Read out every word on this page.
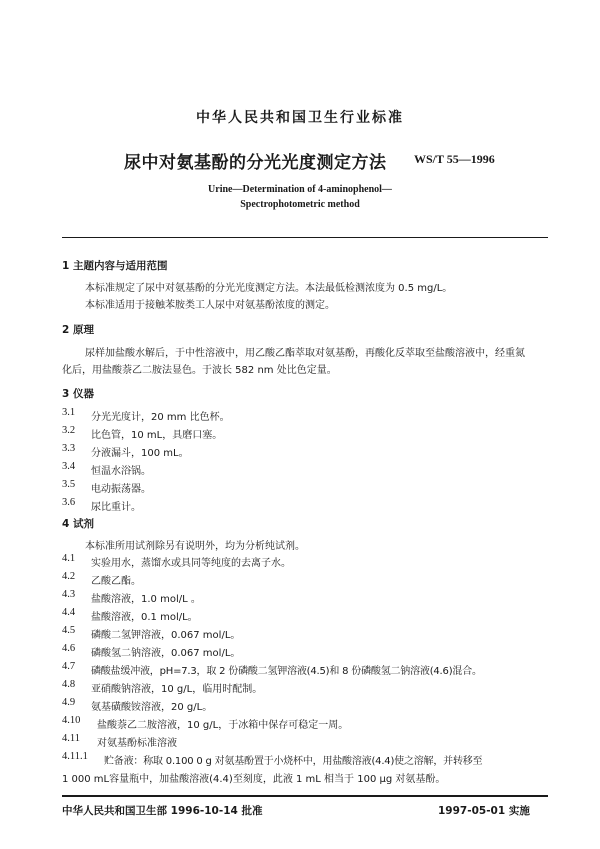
中华人民共和国卫生行业标准
尿中对氨基酚的分光光度测定方法 WS/T 55—1996
Urine—Determination of 4-aminophenol—
Spectrophotometric method
1 主题内容与适用范围
本标准规定了尿中对氨基酚的分光光度测定方法。本法最低检测浓度为 0.5 mg/L。
本标准适用于接触苯胺类工人尿中对氨基酚浓度的测定。
2 原理
尿样加盐酸水解后，于中性溶液中，用乙酸乙酯萃取对氨基酚，再酸化反萃取至盐酸溶液中，经重氮
化后，用盐酸萘乙二胺法显色。于波长 582 nm 处比色定量。
3 仪器
3.1 分光光度计，20 mm 比色杯。
3.2 比色管，10 mL，具磨口塞。
3.3 分液漏斗，100 mL。
3.4 恒温水浴锅。
3.5 电动振荡器。
3.6 尿比重计。
4 试剂
本标准所用试剂除另有说明外，均为分析纯试剂。
4.1 实验用水，蒸馏水或具同等纯度的去离子水。
4.2 乙酸乙酯。
4.3 盐酸溶液，1.0 mol/L 。
4.4 盐酸溶液，0.1 mol/L。
4.5 磷酸二氢钾溶液，0.067 mol/L。
4.6 磷酸氢二钠溶液，0.067 mol/L。
4.7 磷酸盐缓冲液，pH=7.3，取 2 份磷酸二氢钾溶液(4.5)和 8 份磷酸氢二钠溶液(4.6)混合。
4.8 亚硝酸钠溶液，10 g/L，临用时配制。
4.9 氨基磺酸铵溶液，20 g/L。
4.10 盐酸萘乙二胺溶液，10 g/L，于冰箱中保存可稳定一周。
4.11 对氨基酚标准溶液
4.11.1 贮备液：称取 0.100 0 g 对氨基酚置于小烧杯中，用盐酸溶液(4.4)使之溶解，并转移至
1 000 mL容量瓶中，加盐酸溶液(4.4)至刻度，此液 1 mL 相当于 100 μg 对氨基酚。
中华人民共和国卫生部 1996-10-14 批准	1997-05-01 实施
